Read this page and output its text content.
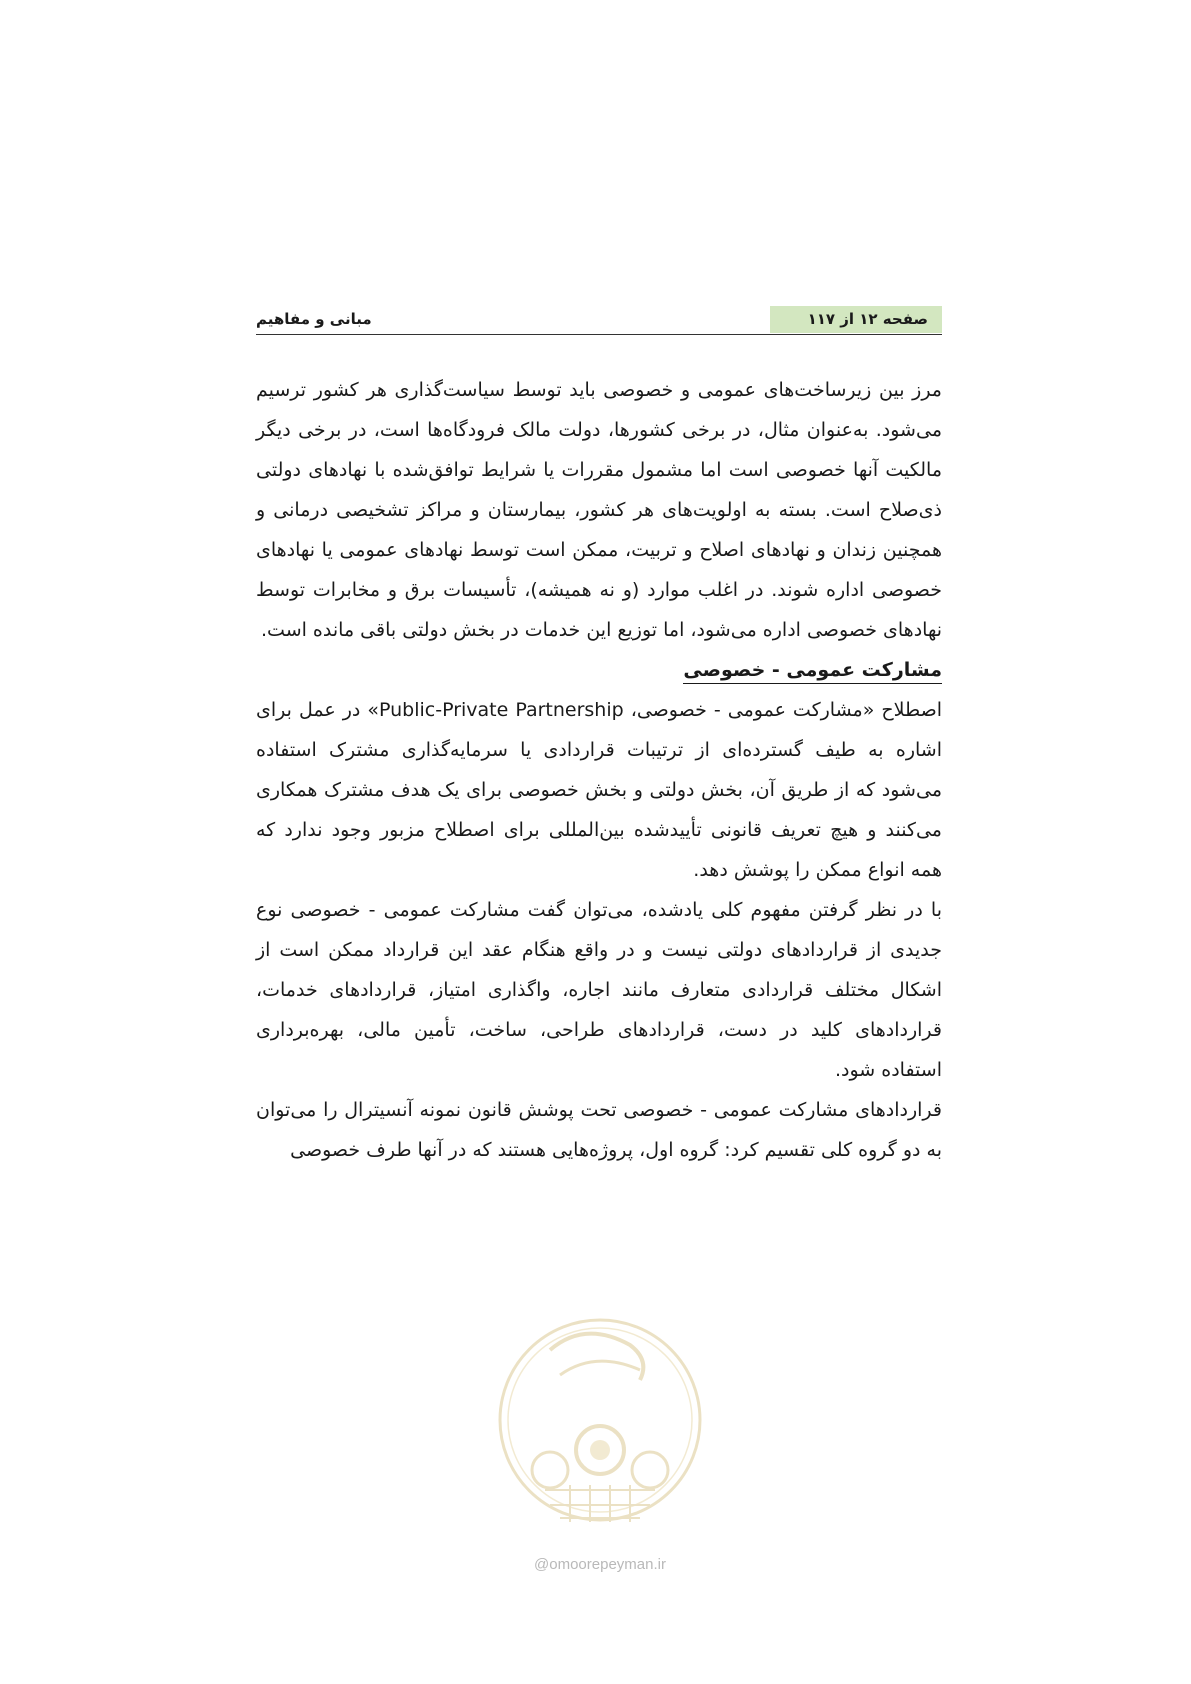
صفحه ۱۲ از ۱۱۷
مبانی و مفاهیم

مرز بین زیرساخت‌های عمومی و خصوصی باید توسط سیاست‌گذاری هر کشور ترسیم می‌شود. به‌عنوان مثال، در برخی کشورها، دولت مالک فرودگاه‌ها است، در برخی دیگر مالکیت آنها خصوصی است اما مشمول مقررات یا شرایط توافق‌شده با نهادهای دولتی ذی‌صلاح است. بسته به اولویت‌های هر کشور، بیمارستان و مراکز تشخیصی درمانی و همچنین زندان و نهادهای اصلاح و تربیت، ممکن است توسط نهادهای عمومی یا نهادهای خصوصی اداره شوند. در اغلب موارد (و نه همیشه)، تأسیسات برق و مخابرات توسط نهادهای خصوصی اداره می‌شود، اما توزیع این خدمات در بخش دولتی باقی مانده است.

مشارکت عمومی - خصوصی

اصطلاح «مشارکت عمومی - خصوصی، Public-Private Partnership» در عمل برای اشاره به طیف گسترده‌ای از ترتیبات قراردادی یا سرمایه‌گذاری مشترک استفاده می‌شود که از طریق آن، بخش دولتی و بخش خصوصی برای یک هدف مشترک همکاری می‌کنند و هیچ تعریف قانونی تأییدشده بین‌المللی برای اصطلاح مزبور وجود ندارد که همه انواع ممکن را پوشش دهد.

با در نظر گرفتن مفهوم کلی یادشده، می‌توان گفت مشارکت عمومی - خصوصی نوع جدیدی از قراردادهای دولتی نیست و در واقع هنگام عقد این قرارداد ممکن است از اشکال مختلف قراردادی متعارف مانند اجاره، واگذاری امتیاز، قراردادهای خدمات، قراردادهای کلید در دست، قراردادهای طراحی، ساخت، تأمین مالی، بهره‌برداری استفاده شود.

قراردادهای مشارکت عمومی - خصوصی تحت پوشش قانون نمونه آنسیترال را می‌توان به دو گروه کلی تقسیم کرد: گروه اول، پروژه‌هایی هستند که در آنها طرف خصوصی

@omoorepeyman.ir
